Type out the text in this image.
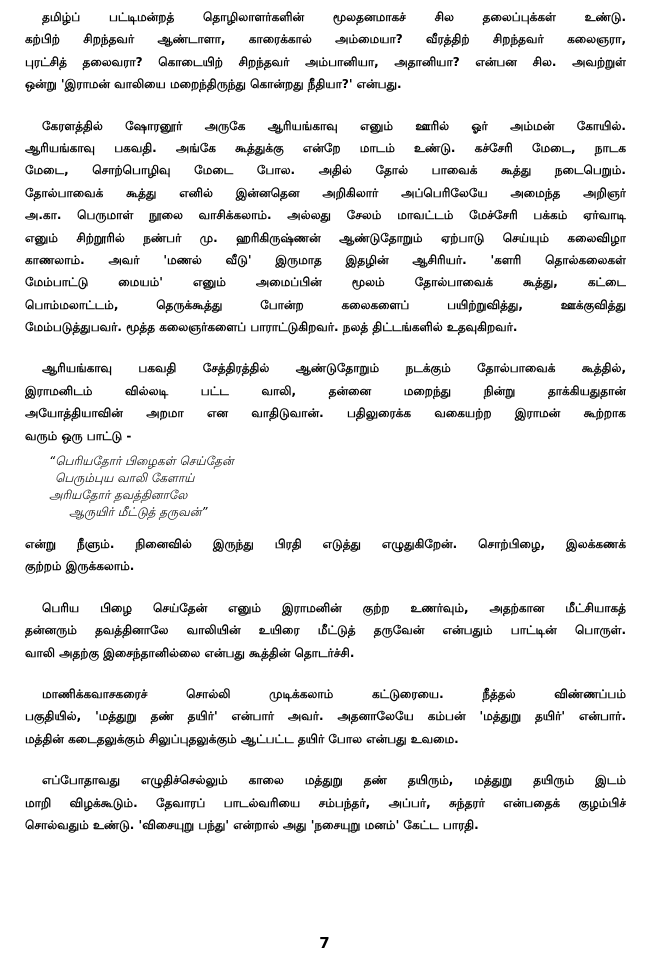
தமிழ்ப் பட்டிமன்றத் தொழிலாளர்களின் மூலதனமாகச் சில தலைப்புக்கள் உண்டு.
கற்பிற் சிறந்தவர் ஆண்டாளா, காரைக்கால் அம்மையா? வீரத்திற் சிறந்தவர் கலைஞரா,
புரட்சித் தலைவரா? கொடையிற் சிறந்தவர் அம்பானியா, அதானியா? என்பன சில. அவற்றுள்
ஒன்று 'இராமன் வாலியை மறைந்திருந்து கொன்றது நீதியா?' என்பது.
கேரளத்தில் ஷோரனூர் அருகே ஆரியங்காவு எனும் ஊரில் ஓர் அம்மன் கோயில்.
ஆரியங்காவு பகவதி. அங்கே கூத்துக்கு என்றே மாடம் உண்டு. கச்சேரி மேடை, நாடக
மேடை, சொற்பொழிவு மேடை போல. அதில் தோல் பாவைக் கூத்து நடைபெறும்.
தோல்பாவைக் கூத்து எனில் இன்னதென அறிகிலார் அப்பெரிலேயே அமைந்த அறிஞர்
அ.கா. பெருமாள் நூலை வாசிக்கலாம். அல்லது சேலம் மாவட்டம் மேச்சேரி பக்கம் ஏர்வாடி
எனும் சிற்றூரில் நண்பர் மு. ஹரிகிருஷ்ணன் ஆண்டுதோறும் ஏற்பாடு செய்யும் கலைவிழா
காணலாம். அவர் 'மணல் வீடு' இருமாத இதழின் ஆசிரியர். 'களரி தொல்கலைகள்
மேம்பாட்டு மையம்' எனும் அமைப்பின் மூலம் தோல்பாவைக் கூத்து, கட்டை
பொம்மலாட்டம், தெருக்கூத்து போன்ற கலைகளைப் பயிற்றுவித்து, ஊக்குவித்து
மேம்படுத்துபவர். மூத்த கலைஞர்களைப் பாராட்டுகிறவர். நலத் திட்டங்களில் உதவுகிறவர்.
ஆரியங்காவு பகவதி சேத்திரத்தில் ஆண்டுதோறும் நடக்கும் தோல்பாவைக் கூத்தில்,
இராமனிடம் வில்லடி பட்ட வாலி, தன்னை மறைந்து நின்று தாக்கியதுதான்
அயோத்தியாவின் அறமா என வாதிடுவான். பதிலுரைக்க வகையற்ற இராமன் கூற்றாக
வரும் ஒரு பாட்டு -
“பெரியதோர் பிழைகள் செய்தேன்
பெரும்புய வாலி கேளாய்
அரியதோர் தவத்தினாலே
ஆருயிர் மீட்டுத் தருவன்”
என்று நீளும். நினைவில் இருந்து பிரதி எடுத்து எழுதுகிறேன். சொற்பிழை, இலக்கணக்
குற்றம் இருக்கலாம்.
பெரிய பிழை செய்தேன் எனும் இராமனின் குற்ற உணர்வும், அதற்கான மீட்சியாகத்
தன்னரும் தவத்தினாலே வாலியின் உயிரை மீட்டுத் தருவேன் என்பதும் பாட்டின் பொருள்.
வாலி அதற்கு இசைந்தானில்லை என்பது கூத்தின் தொடர்ச்சி.
மாணிக்கவாசகரைச் சொல்லி முடிக்கலாம் கட்டுரையை. நீத்தல் விண்ணப்பம்
பகுதியில், 'மத்துறு தண் தயிர்' என்பார் அவர். அதனாலேயே கம்பன் 'மத்துறு தயிர்' என்பார்.
மத்தின் கடைதலுக்கும் சிலுப்புதலுக்கும் ஆட்பட்ட தயிர் போல என்பது உவமை.
எப்போதாவது எழுதிச்செல்லும் காலை மத்துறு தண் தயிரும், மத்துறு தயிரும் இடம்
மாறி விழக்கூடும். தேவாரப் பாடல்வரியை சம்பந்தர், அப்பர், சுந்தரர் என்பதைக் குழம்பிச்
சொல்வதும் உண்டு. 'விசையுறு பந்து' என்றால் அது 'நசையுறு மனம்' கேட்ட பாரதி.
7
